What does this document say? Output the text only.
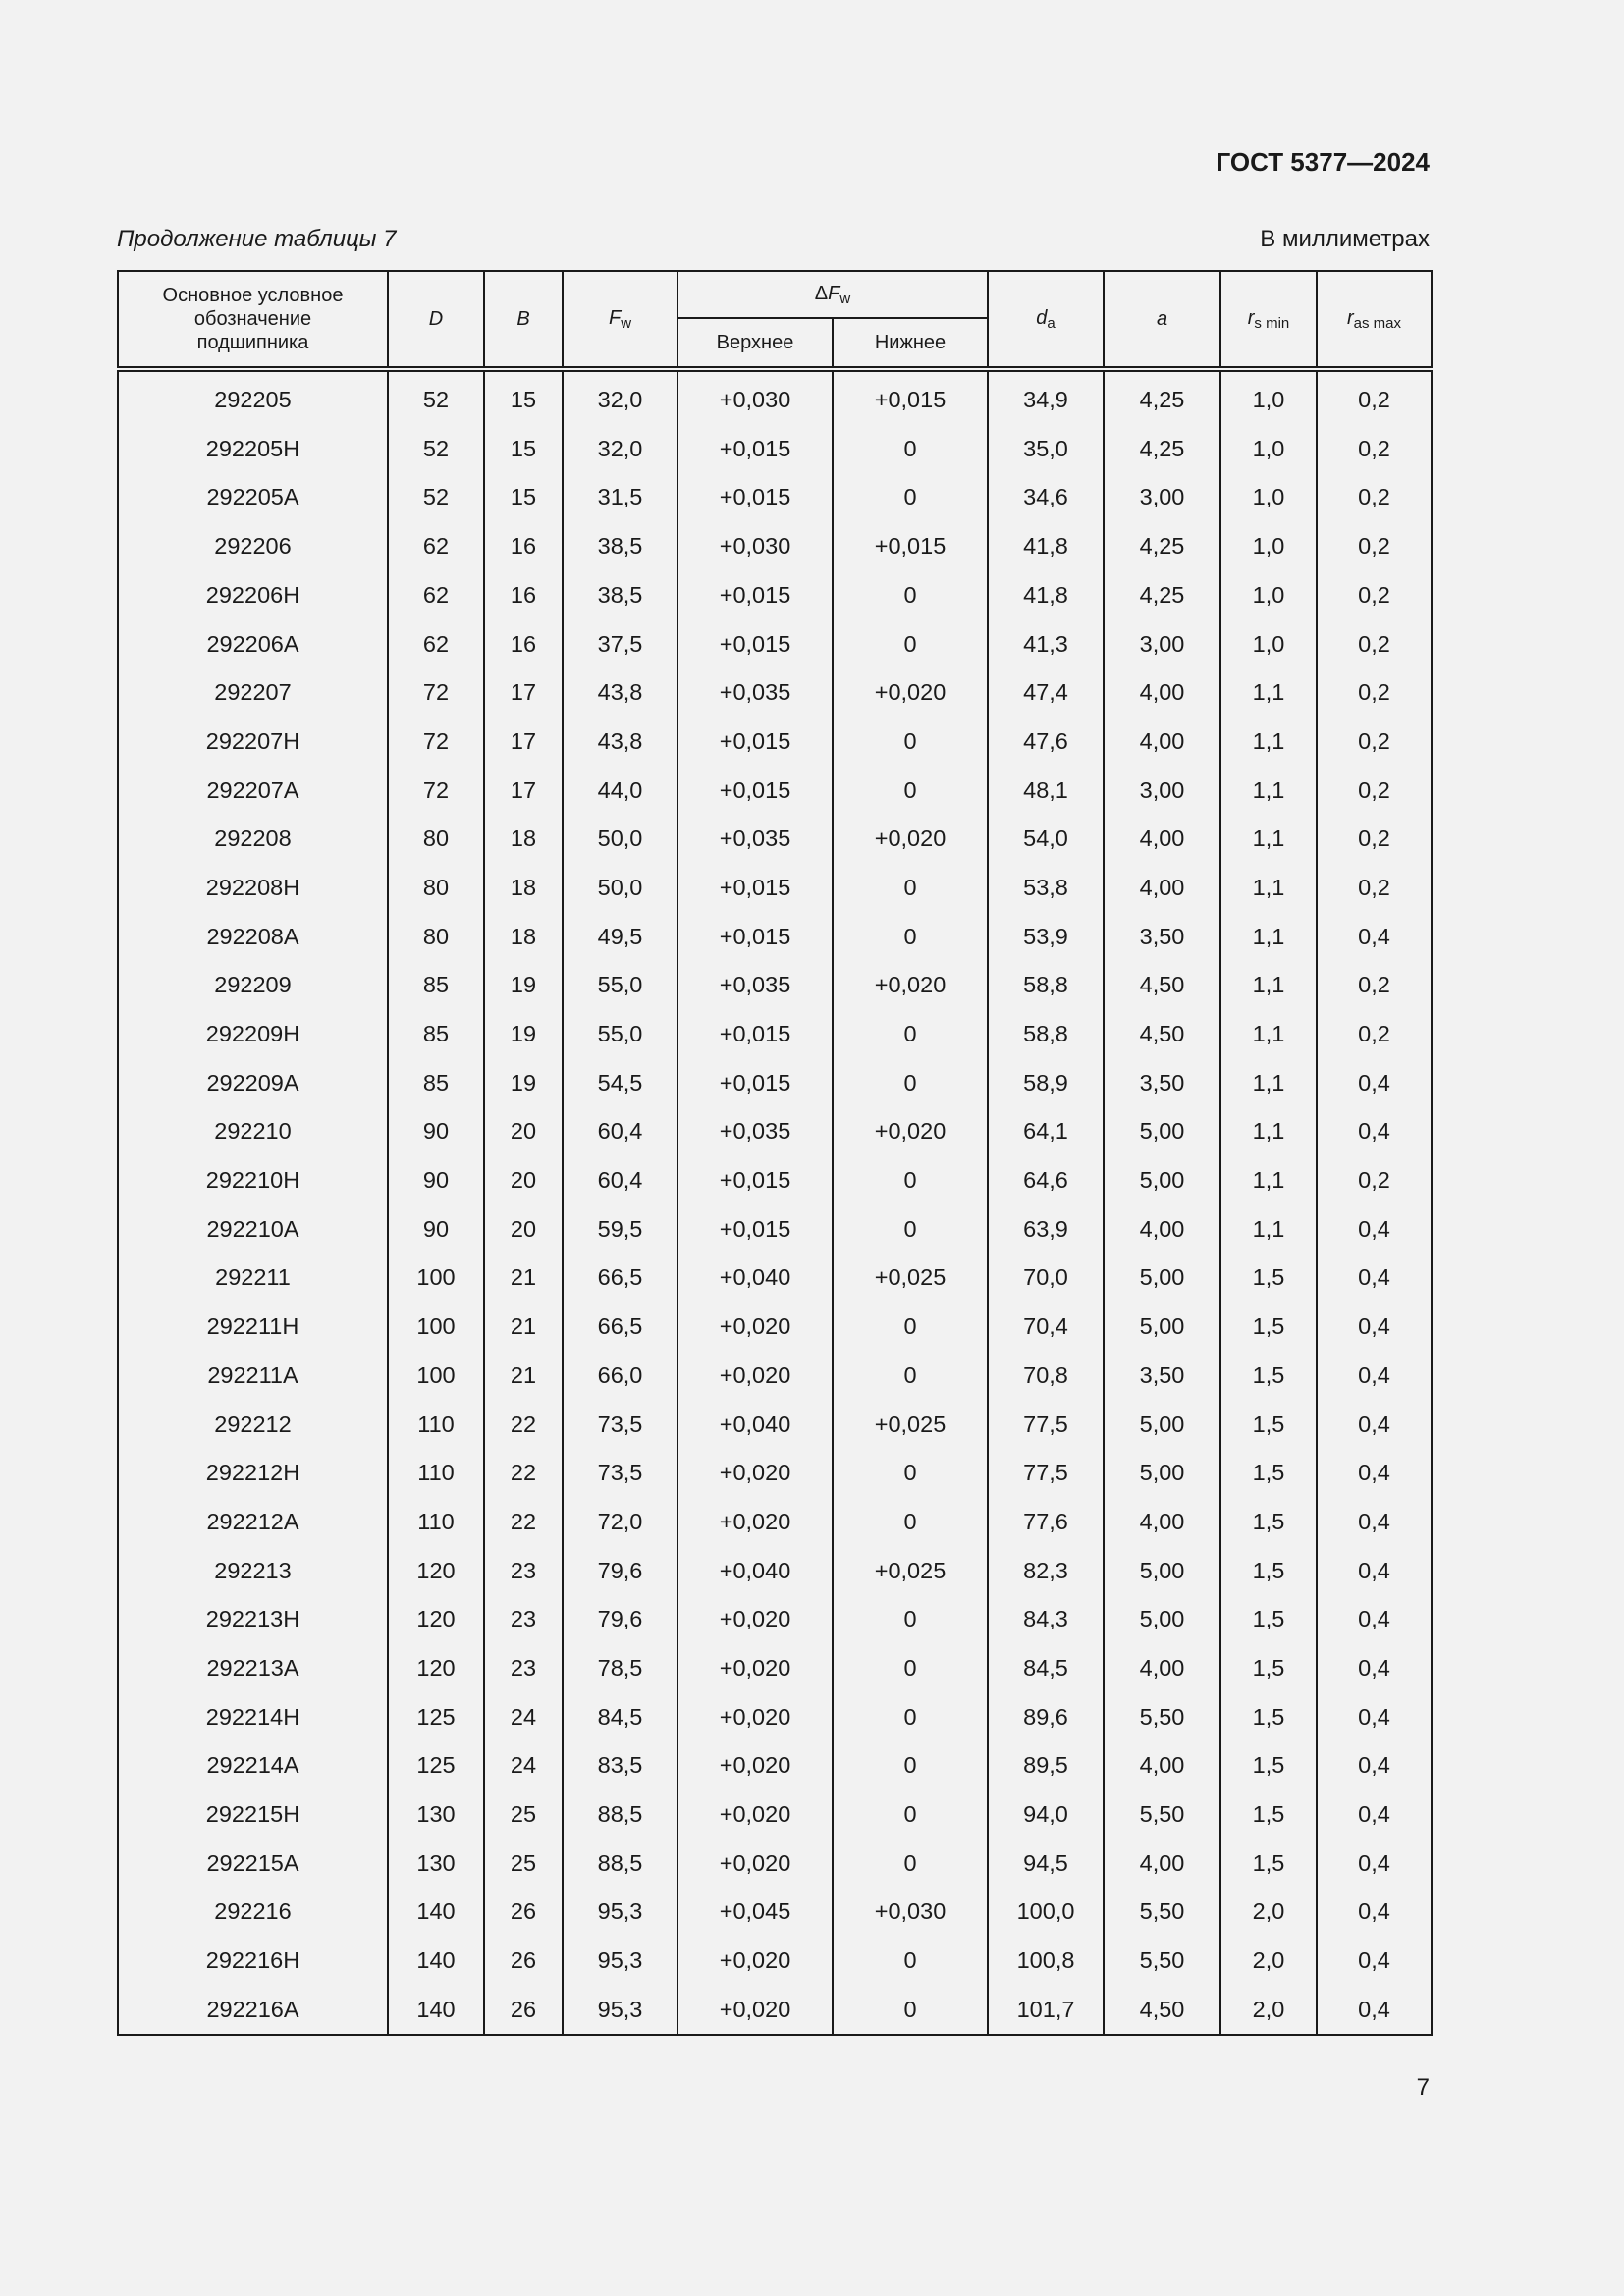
ГОСТ 5377—2024
Продолжение таблицы 7	В миллиметрах
Основное условное обозначение подшипника	D	B	$F_w$	$\Delta F_w$		$d_a$	a	$r_{s min}$	$r_{as max}$
				Верхнее	Нижнее				
292205	52	15	32,0	+0,030	+0,015	34,9	4,25	1,0	0,2
292205H	52	15	32,0	+0,015	0	35,0	4,25	1,0	0,2
292205A	52	15	31,5	+0,015	0	34,6	3,00	1,0	0,2
292206	62	16	38,5	+0,030	+0,015	41,8	4,25	1,0	0,2
292206H	62	16	38,5	+0,015	0	41,8	4,25	1,0	0,2
292206A	62	16	37,5	+0,015	0	41,3	3,00	1,0	0,2
292207	72	17	43,8	+0,035	+0,020	47,4	4,00	1,1	0,2
292207H	72	17	43,8	+0,015	0	47,6	4,00	1,1	0,2
292207A	72	17	44,0	+0,015	0	48,1	3,00	1,1	0,2
292208	80	18	50,0	+0,035	+0,020	54,0	4,00	1,1	0,2
292208H	80	18	50,0	+0,015	0	53,8	4,00	1,1	0,2
292208A	80	18	49,5	+0,015	0	53,9	3,50	1,1	0,4
292209	85	19	55,0	+0,035	+0,020	58,8	4,50	1,1	0,2
292209H	85	19	55,0	+0,015	0	58,8	4,50	1,1	0,2
292209A	85	19	54,5	+0,015	0	58,9	3,50	1,1	0,4
292210	90	20	60,4	+0,035	+0,020	64,1	5,00	1,1	0,4
292210H	90	20	60,4	+0,015	0	64,6	5,00	1,1	0,2
292210A	90	20	59,5	+0,015	0	63,9	4,00	1,1	0,4
292211	100	21	66,5	+0,040	+0,025	70,0	5,00	1,5	0,4
292211H	100	21	66,5	+0,020	0	70,4	5,00	1,5	0,4
292211A	100	21	66,0	+0,020	0	70,8	3,50	1,5	0,4
292212	110	22	73,5	+0,040	+0,025	77,5	5,00	1,5	0,4
292212H	110	22	73,5	+0,020	0	77,5	5,00	1,5	0,4
292212A	110	22	72,0	+0,020	0	77,6	4,00	1,5	0,4
292213	120	23	79,6	+0,040	+0,025	82,3	5,00	1,5	0,4
292213H	120	23	79,6	+0,020	0	84,3	5,00	1,5	0,4
292213A	120	23	78,5	+0,020	0	84,5	4,00	1,5	0,4
292214H	125	24	84,5	+0,020	0	89,6	5,50	1,5	0,4
292214A	125	24	83,5	+0,020	0	89,5	4,00	1,5	0,4
292215H	130	25	88,5	+0,020	0	94,0	5,50	1,5	0,4
292215A	130	25	88,5	+0,020	0	94,5	4,00	1,5	0,4
292216	140	26	95,3	+0,045	+0,030	100,0	5,50	2,0	0,4
292216H	140	26	95,3	+0,020	0	100,8	5,50	2,0	0,4
292216A	140	26	95,3	+0,020	0	101,7	4,50	2,0	0,4
7
